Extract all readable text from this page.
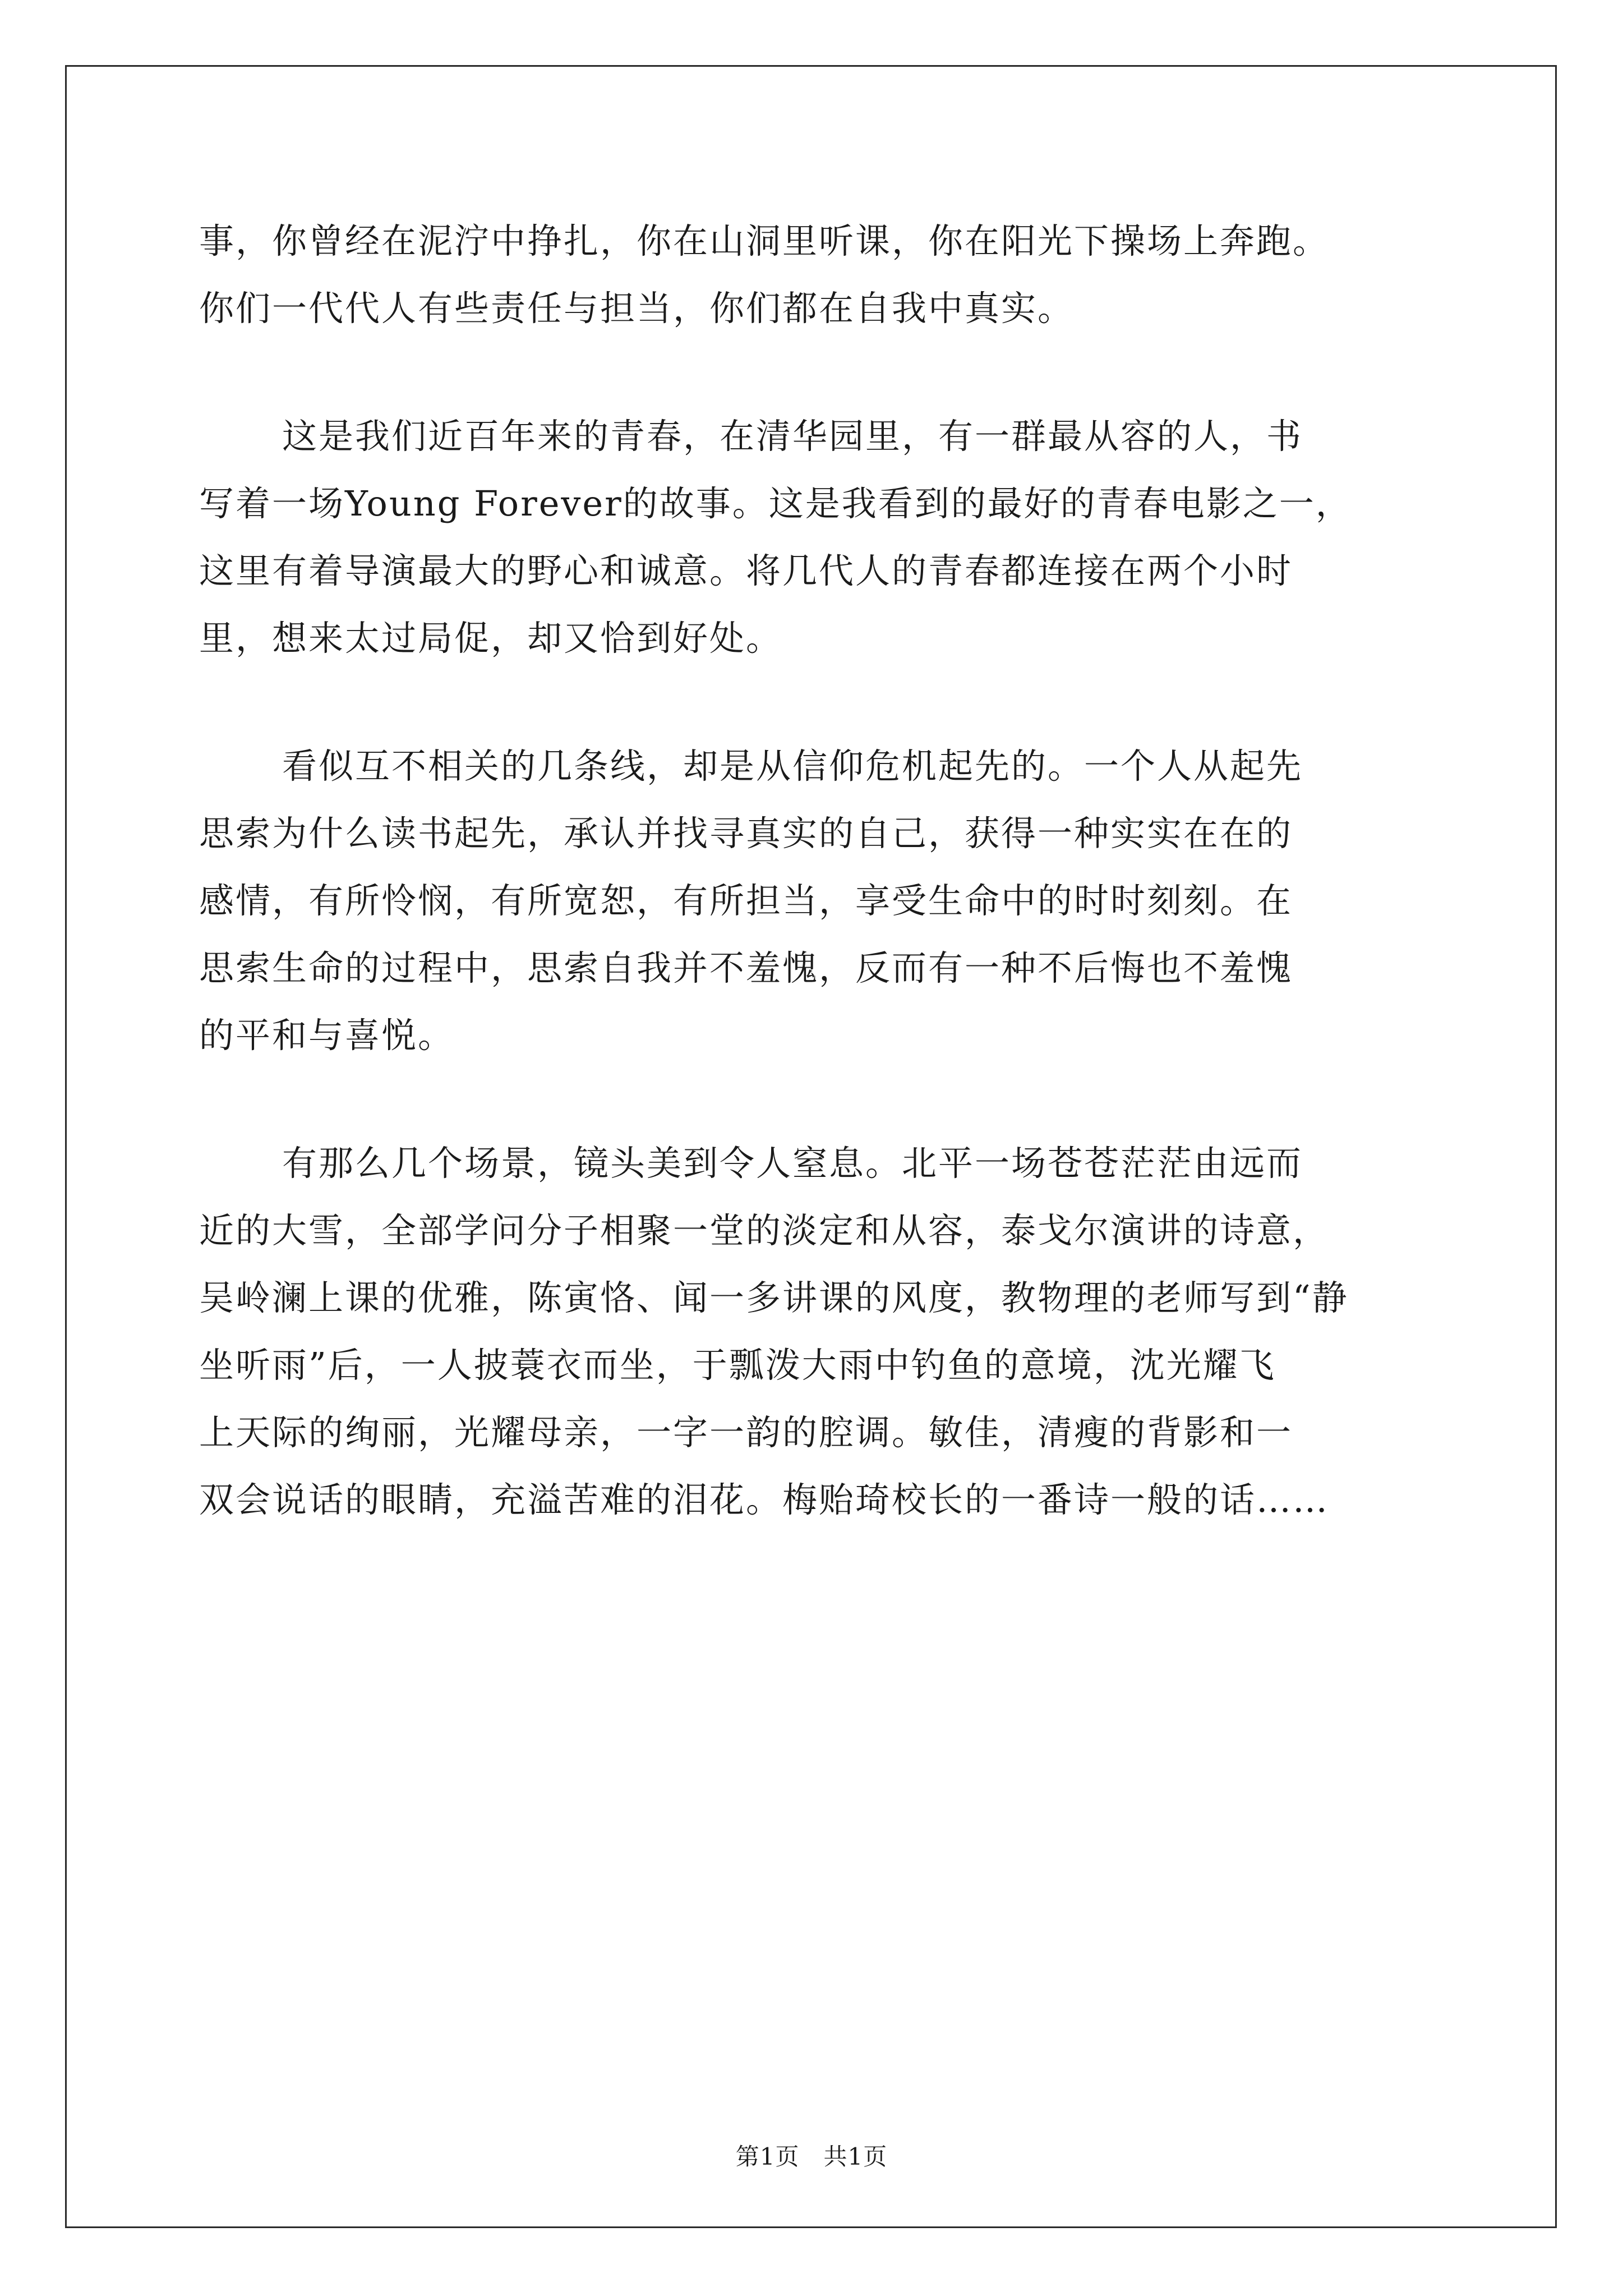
事，你曾经在泥泞中挣扎，你在山洞里听课，你在阳光下操场上奔跑。
你们一代代人有些责任与担当，你们都在自我中真实。
这是我们近百年来的青春，在清华园里，有一群最从容的人，书
写着一场Young Forever的故事。这是我看到的最好的青春电影之一，
这里有着导演最大的野心和诚意。将几代人的青春都连接在两个小时
里，想来太过局促，却又恰到好处。
看似互不相关的几条线，却是从信仰危机起先的。一个人从起先
思索为什么读书起先，承认并找寻真实的自己，获得一种实实在在的
感情，有所怜悯，有所宽恕，有所担当，享受生命中的时时刻刻。在
思索生命的过程中，思索自我并不羞愧，反而有一种不后悔也不羞愧
的平和与喜悦。
有那么几个场景，镜头美到令人窒息。北平一场苍苍茫茫由远而
近的大雪，全部学问分子相聚一堂的淡定和从容，泰戈尔演讲的诗意，
吴岭澜上课的优雅，陈寅恪、闻一多讲课的风度，教物理的老师写到“静
坐听雨”后，一人披蓑衣而坐，于瓢泼大雨中钓鱼的意境，沈光耀飞
上天际的绚丽，光耀母亲，一字一韵的腔调。敏佳，清瘦的背影和一
双会说话的眼睛，充溢苦难的泪花。梅贻琦校长的一番诗一般的话……
第1页　共1页
